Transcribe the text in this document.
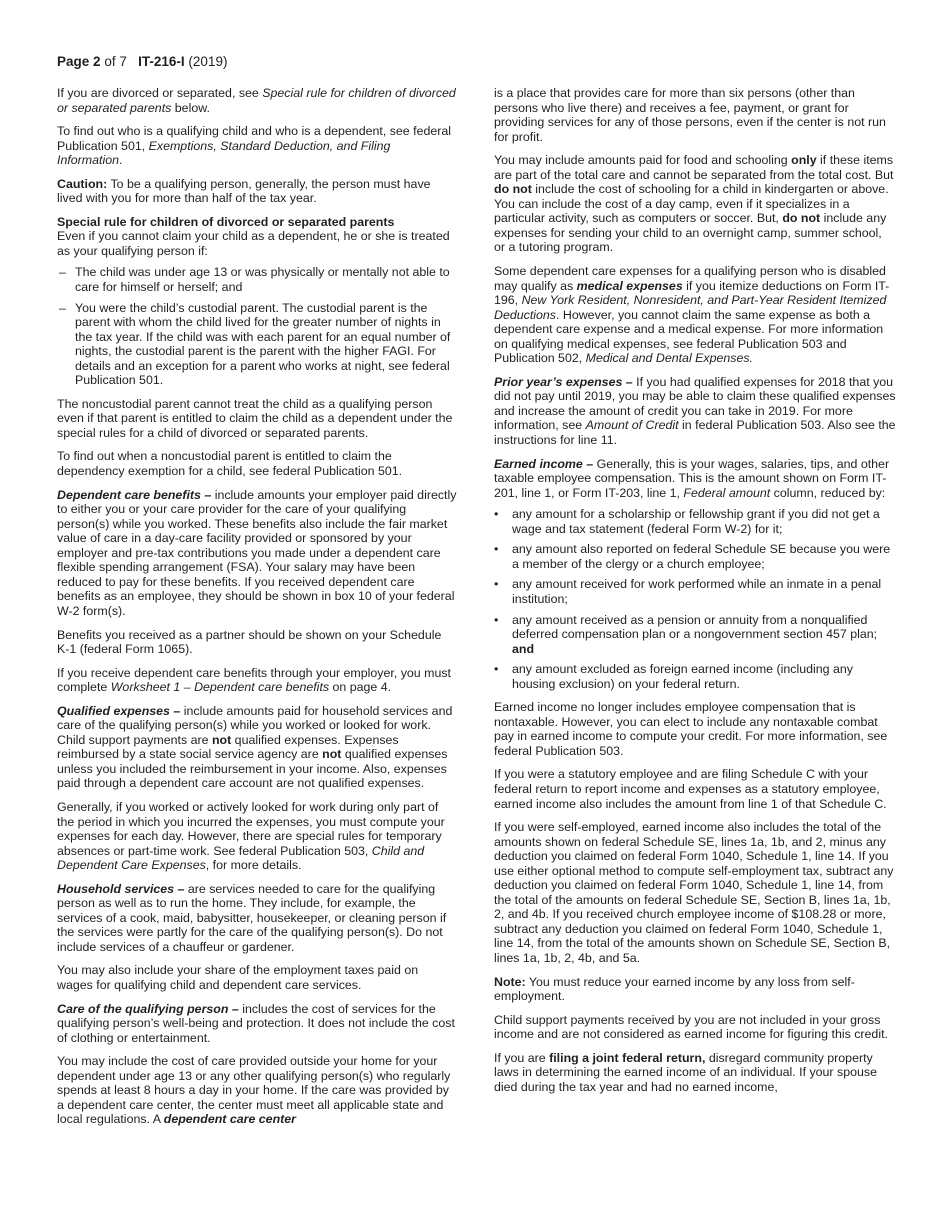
Page 2 of 7 IT-216-I (2019)

If you are divorced or separated, see Special rule for children of divorced or separated parents below.

To find out who is a qualifying child and who is a dependent, see federal Publication 501, Exemptions, Standard Deduction, and Filing Information.

Caution: To be a qualifying person, generally, the person must have lived with you for more than half of the tax year.

Special rule for children of divorced or separated parents
Even if you cannot claim your child as a dependent, he or she is treated as your qualifying person if:

– The child was under age 13 or was physically or mentally not able to care for himself or herself; and
– You were the child’s custodial parent. The custodial parent is the parent with whom the child lived for the greater number of nights in the tax year. If the child was with each parent for an equal number of nights, the custodial parent is the parent with the higher FAGI. For details and an exception for a parent who works at night, see federal Publication 501.

The noncustodial parent cannot treat the child as a qualifying person even if that parent is entitled to claim the child as a dependent under the special rules for a child of divorced or separated parents.

To find out when a noncustodial parent is entitled to claim the dependency exemption for a child, see federal Publication 501.

Dependent care benefits – include amounts your employer paid directly to either you or your care provider for the care of your qualifying person(s) while you worked. These benefits also include the fair market value of care in a day-care facility provided or sponsored by your employer and pre-tax contributions you made under a dependent care flexible spending arrangement (FSA). Your salary may have been reduced to pay for these benefits. If you received dependent care benefits as an employee, they should be shown in box 10 of your federal W-2 form(s).

Benefits you received as a partner should be shown on your Schedule K-1 (federal Form 1065).

If you receive dependent care benefits through your employer, you must complete Worksheet 1 – Dependent care benefits on page 4.

Qualified expenses – include amounts paid for household services and care of the qualifying person(s) while you worked or looked for work. Child support payments are not qualified expenses. Expenses reimbursed by a state social service agency are not qualified expenses unless you included the reimbursement in your income. Also, expenses paid through a dependent care account are not qualified expenses.

Generally, if you worked or actively looked for work during only part of the period in which you incurred the expenses, you must compute your expenses for each day. However, there are special rules for temporary absences or part-time work. See federal Publication 503, Child and Dependent Care Expenses, for more details.

Household services – are services needed to care for the qualifying person as well as to run the home. They include, for example, the services of a cook, maid, babysitter, housekeeper, or cleaning person if the services were partly for the care of the qualifying person(s). Do not include services of a chauffeur or gardener.

You may also include your share of the employment taxes paid on wages for qualifying child and dependent care services.

Care of the qualifying person – includes the cost of services for the qualifying person’s well-being and protection. It does not include the cost of clothing or entertainment.

You may include the cost of care provided outside your home for your dependent under age 13 or any other qualifying person(s) who regularly spends at least 8 hours a day in your home. If the care was provided by a dependent care center, the center must meet all applicable state and local regulations. A dependent care center

is a place that provides care for more than six persons (other than persons who live there) and receives a fee, payment, or grant for providing services for any of those persons, even if the center is not run for profit.

You may include amounts paid for food and schooling only if these items are part of the total care and cannot be separated from the total cost. But do not include the cost of schooling for a child in kindergarten or above. You can include the cost of a day camp, even if it specializes in a particular activity, such as computers or soccer. But, do not include any expenses for sending your child to an overnight camp, summer school, or a tutoring program.

Some dependent care expenses for a qualifying person who is disabled may qualify as medical expenses if you itemize deductions on Form IT-196, New York Resident, Nonresident, and Part-Year Resident Itemized Deductions. However, you cannot claim the same expense as both a dependent care expense and a medical expense. For more information on qualifying medical expenses, see federal Publication 503 and Publication 502, Medical and Dental Expenses.

Prior year’s expenses – If you had qualified expenses for 2018 that you did not pay until 2019, you may be able to claim these qualified expenses and increase the amount of credit you can take in 2019. For more information, see Amount of Credit in federal Publication 503. Also see the instructions for line 11.

Earned income – Generally, this is your wages, salaries, tips, and other taxable employee compensation. This is the amount shown on Form IT-201, line 1, or Form IT-203, line 1, Federal amount column, reduced by:

• any amount for a scholarship or fellowship grant if you did not get a wage and tax statement (federal Form W-2) for it;
• any amount also reported on federal Schedule SE because you were a member of the clergy or a church employee;
• any amount received for work performed while an inmate in a penal institution;
• any amount received as a pension or annuity from a nonqualified deferred compensation plan or a nongovernment section 457 plan; and
• any amount excluded as foreign earned income (including any housing exclusion) on your federal return.

Earned income no longer includes employee compensation that is nontaxable. However, you can elect to include any nontaxable combat pay in earned income to compute your credit. For more information, see federal Publication 503.

If you were a statutory employee and are filing Schedule C with your federal return to report income and expenses as a statutory employee, earned income also includes the amount from line 1 of that Schedule C.

If you were self-employed, earned income also includes the total of the amounts shown on federal Schedule SE, lines 1a, 1b, and 2, minus any deduction you claimed on federal Form 1040, Schedule 1, line 14. If you use either optional method to compute self-employment tax, subtract any deduction you claimed on federal Form 1040, Schedule 1, line 14, from the total of the amounts on federal Schedule SE, Section B, lines 1a, 1b, 2, and 4b. If you received church employee income of $108.28 or more, subtract any deduction you claimed on federal Form 1040, Schedule 1, line 14, from the total of the amounts shown on Schedule SE, Section B, lines 1a, 1b, 2, 4b, and 5a.

Note: You must reduce your earned income by any loss from self-employment.

Child support payments received by you are not included in your gross income and are not considered as earned income for figuring this credit.

If you are filing a joint federal return, disregard community property laws in determining the earned income of an individual. If your spouse died during the tax year and had no earned income,
